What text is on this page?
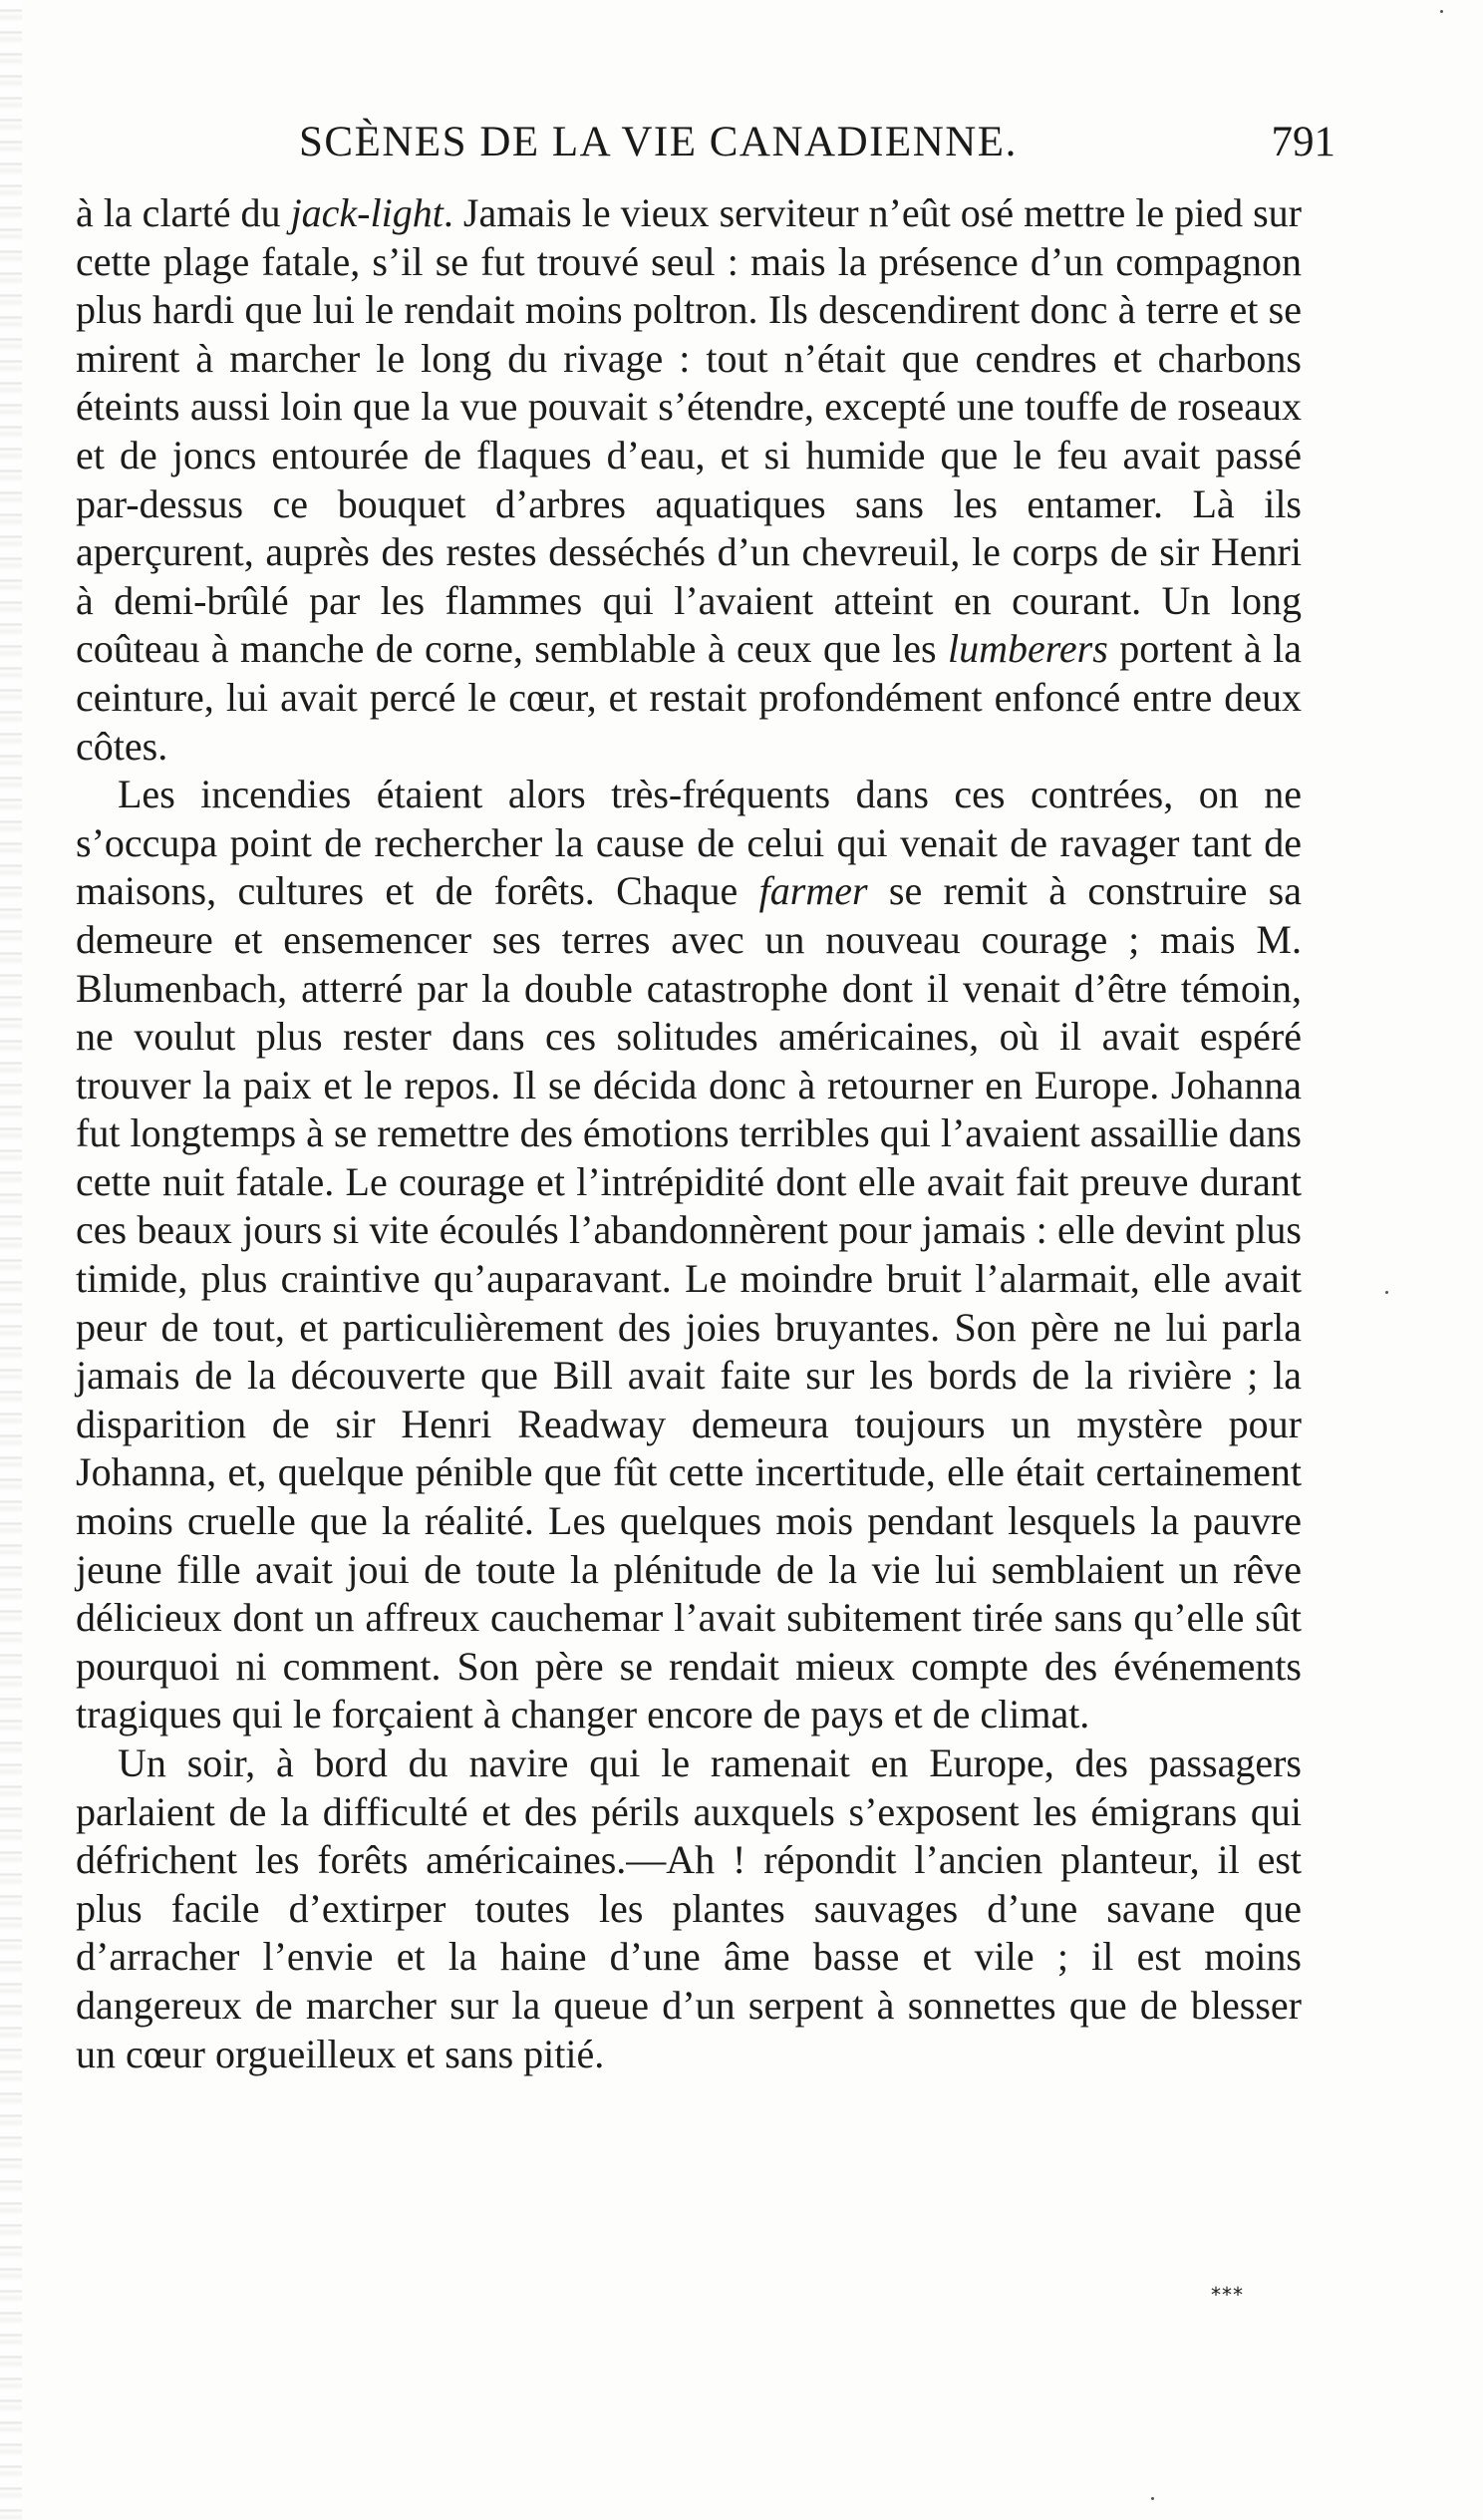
SCÈNES DE LA VIE CANADIENNE.	791

à la clarté du jack-light. Jamais le vieux serviteur n’eût osé mettre le pied sur cette plage fatale, s’il se fut trouvé seul : mais la présence d’un compagnon plus hardi que lui le rendait moins poltron. Ils descendirent donc à terre et se mirent à marcher le long du rivage : tout n’était que cendres et charbons éteints aussi loin que la vue pouvait s’étendre, excepté une touffe de roseaux et de joncs entourée de flaques d’eau, et si humide que le feu avait passé par-dessus ce bouquet d’arbres aquatiques sans les entamer. Là ils aperçurent, auprès des restes desséchés d’un chevreuil, le corps de sir Henri à demi-brûlé par les flammes qui l’avaient atteint en courant. Un long coûteau à manche de corne, semblable à ceux que les lumberers portent à la ceinture, lui avait percé le cœur, et restait profondément enfoncé entre deux côtes.

Les incendies étaient alors très-fréquents dans ces contrées, on ne s’occupa point de rechercher la cause de celui qui venait de ravager tant de maisons, cultures et de forêts. Chaque farmer se remit à construire sa demeure et ensemencer ses terres avec un nouveau courage ; mais M. Blumenbach, atterré par la double catastrophe dont il venait d’être témoin, ne voulut plus rester dans ces solitudes américaines, où il avait espéré trouver la paix et le repos. Il se décida donc à retourner en Europe. Johanna fut longtemps à se remettre des émotions terribles qui l’avaient assaillie dans cette nuit fatale. Le courage et l’intrépidité dont elle avait fait preuve durant ces beaux jours si vite écoulés l’abandonnèrent pour jamais : elle devint plus timide, plus craintive qu’auparavant. Le moindre bruit l’alarmait, elle avait peur de tout, et particulièrement des joies bruyantes. Son père ne lui parla jamais de la découverte que Bill avait faite sur les bords de la rivière ; la disparition de sir Henri Readway demeura toujours un mystère pour Johanna, et, quelque pénible que fût cette incertitude, elle était certainement moins cruelle que la réalité. Les quelques mois pendant lesquels la pauvre jeune fille avait joui de toute la plénitude de la vie lui semblaient un rêve délicieux dont un affreux cauchemar l’avait subitement tirée sans qu’elle sût pourquoi ni comment. Son père se rendait mieux compte des événements tragiques qui le forçaient à changer encore de pays et de climat.

Un soir, à bord du navire qui le ramenait en Europe, des passagers parlaient de la difficulté et des périls auxquels s’exposent les émigrans qui défrichent les forêts américaines.—Ah ! répondit l’ancien planteur, il est plus facile d’extirper toutes les plantes sauvages d’une savane que d’arracher l’envie et la haine d’une âme basse et vile ; il est moins dangereux de marcher sur la queue d’un serpent à sonnettes que de blesser un cœur orgueilleux et sans pitié.

***
